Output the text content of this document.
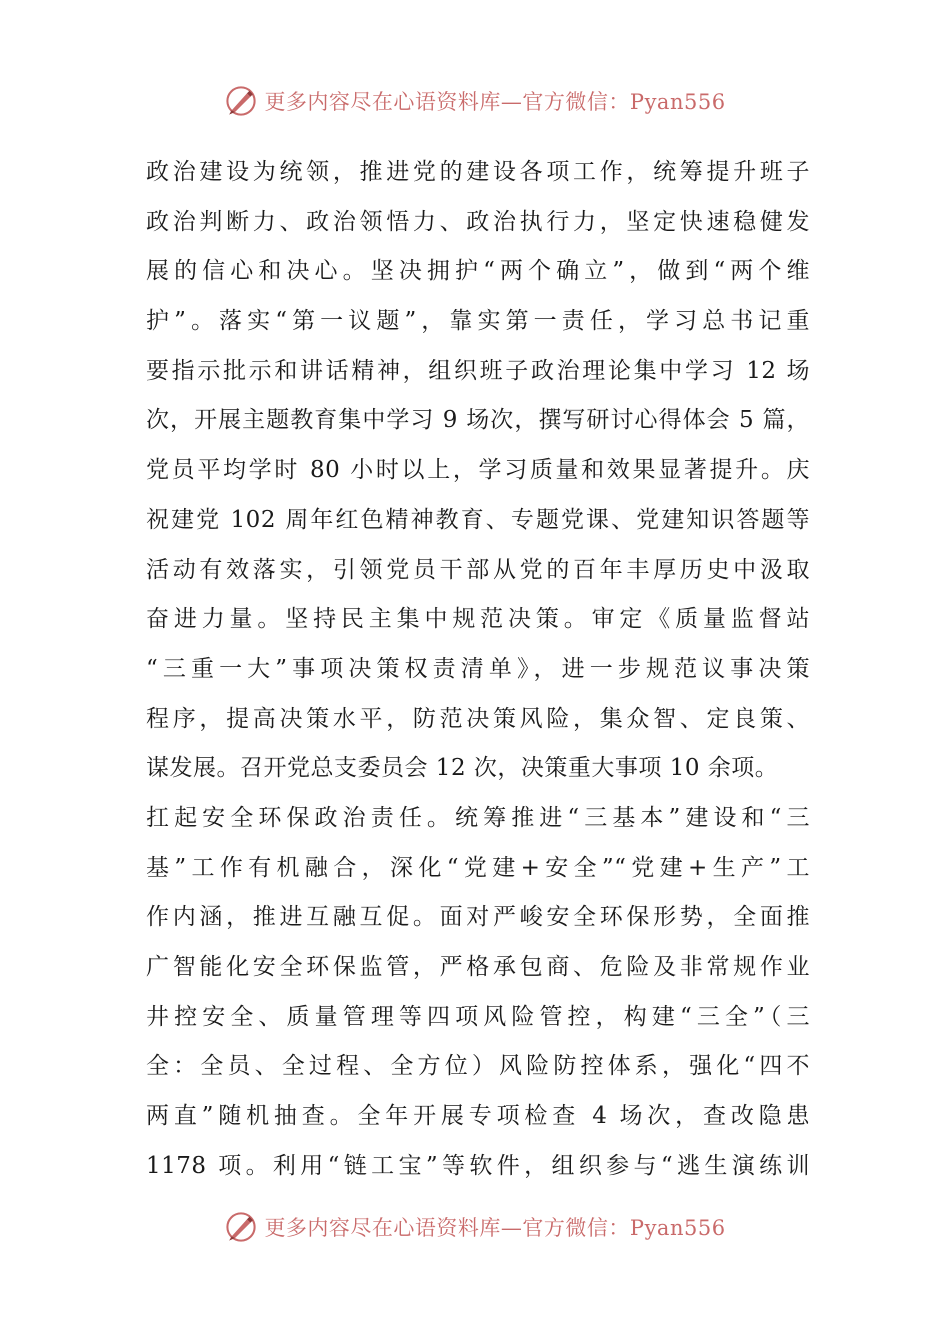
更多内容尽在心语资料库—官方微信：Pyan556
政治建设为统领，推进党的建设各项工作，统筹提升班子
政治判断力、政治领悟力、政治执行力，坚定快速稳健发
展的信心和决心。坚决拥护“两个确立”，做到“两个维
护”。落实“第一议题”，靠实第一责任，学习总书记重
要指示批示和讲话精神，组织班子政治理论集中学习 12 场
次，开展主题教育集中学习 9 场次，撰写研讨心得体会 5 篇，
党员平均学时 80 小时以上，学习质量和效果显著提升。庆
祝建党 102 周年红色精神教育、专题党课、党建知识答题等
活动有效落实，引领党员干部从党的百年丰厚历史中汲取
奋进力量。坚持民主集中规范决策。审定《质量监督站
“三重一大”事项决策权责清单》，进一步规范议事决策
程序，提高决策水平，防范决策风险，集众智、定良策、
谋发展。召开党总支委员会 12 次，决策重大事项 10 余项。
扛起安全环保政治责任。统筹推进“三基本”建设和“三
基”工作有机融合，深化“党建+安全”“党建+生产”工
作内涵，推进互融互促。面对严峻安全环保形势，全面推
广智能化安全环保监管，严格承包商、危险及非常规作业
井控安全、质量管理等四项风险管控，构建“三全”（三
全：全员、全过程、全方位）风险防控体系，强化“四不
两直”随机抽查。全年开展专项检查 4 场次，查改隐患
1178 项。利用“链工宝”等软件，组织参与“逃生演练训
更多内容尽在心语资料库—官方微信：Pyan556
